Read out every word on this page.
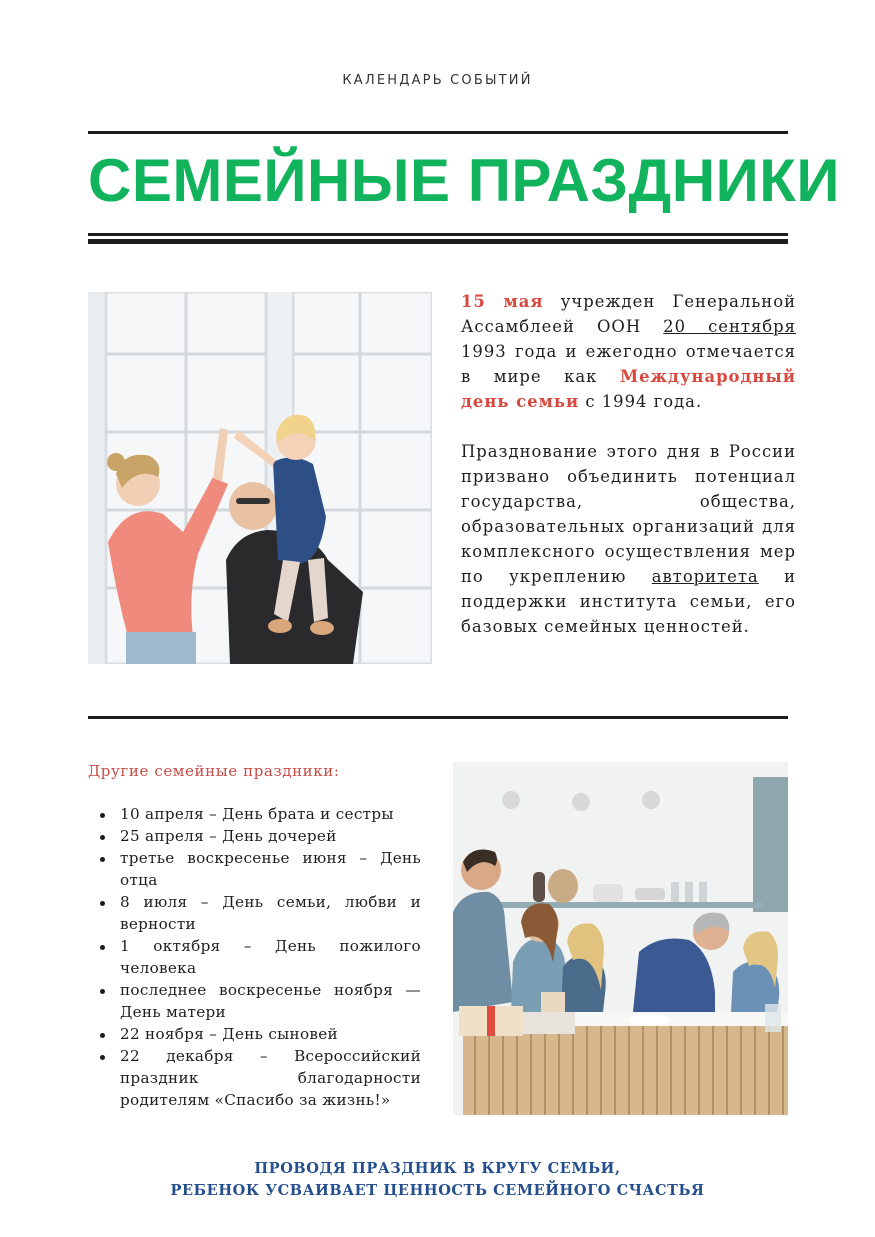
КАЛЕНДАРЬ СОБЫТИЙ
СЕМЕЙНЫЕ ПРАЗДНИКИ

15 мая учрежден Генеральной Ассамблеей ООН 20 сентября 1993 года и ежегодно отмечается в мире как Международный день семьи с 1994 года.

Празднование этого дня в России призвано объединить потенциал государства, общества, образовательных организаций для комплексного осуществления мер по укреплению авторитета и поддержки института семьи, его базовых семейных ценностей.

Другие семейные праздники:
10 апреля – День брата и сестры
25 апреля – День дочерей
третье воскресенье июня – День отца
8 июля – День семьи, любви и верности
1 октября – День пожилого человека
последнее воскресенье ноября — День матери
22 ноября – День сыновей
22 декабря – Всероссийский праздник благодарности родителям «Спасибо за жизнь!»
ПРОВОДЯ ПРАЗДНИК В КРУГУ СЕМЬИ,
РЕБЕНОК УСВАИВАЕТ ЦЕННОСТЬ СЕМЕЙНОГО СЧАСТЬЯ
